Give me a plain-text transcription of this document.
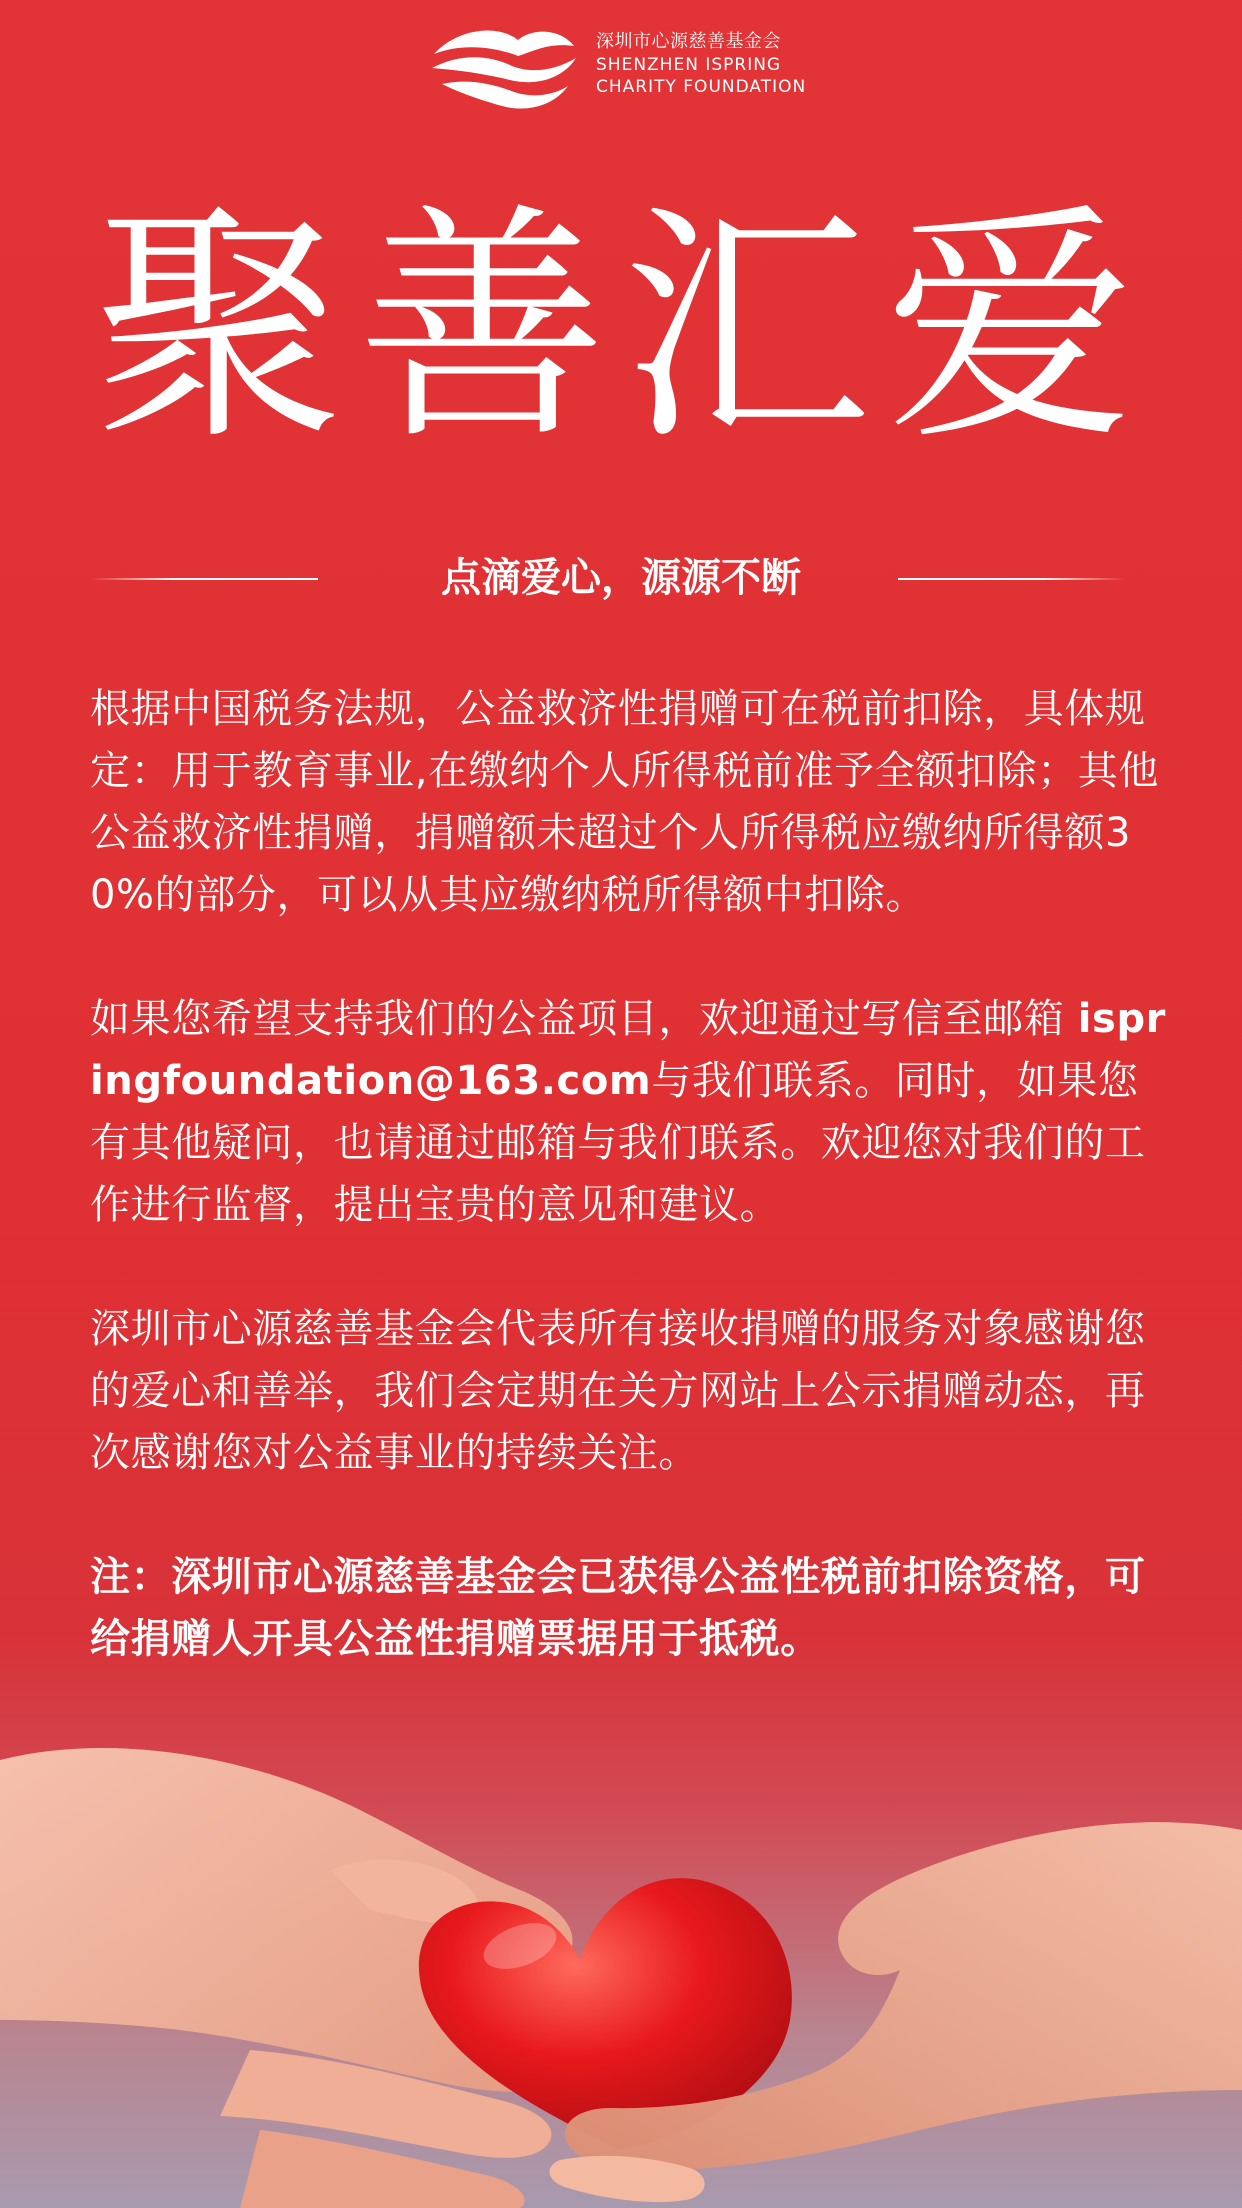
深圳市心源慈善基金会
SHENZHEN ISPRING
CHARITY FOUNDATION
聚善汇爱
点滴爱心，源源不断

根据中国税务法规，公益救济性捐赠可在税前扣除，具体规定：用于教育事业,在缴纳个人所得税前准予全额扣除；其他公益救济性捐赠，捐赠额未超过个人所得税应缴纳所得额30%的部分，可以从其应缴纳税所得额中扣除。

如果您希望支持我们的公益项目，欢迎通过写信至邮箱 ispringfoundation@163.com与我们联系。同时，如果您有其他疑问，也请通过邮箱与我们联系。欢迎您对我们的工作进行监督，提出宝贵的意见和建议。

深圳市心源慈善基金会代表所有接收捐赠的服务对象感谢您的爱心和善举，我们会定期在关方网站上公示捐赠动态，再次感谢您对公益事业的持续关注。

注：深圳市心源慈善基金会已获得公益性税前扣除资格，可给捐赠人开具公益性捐赠票据用于抵税。
